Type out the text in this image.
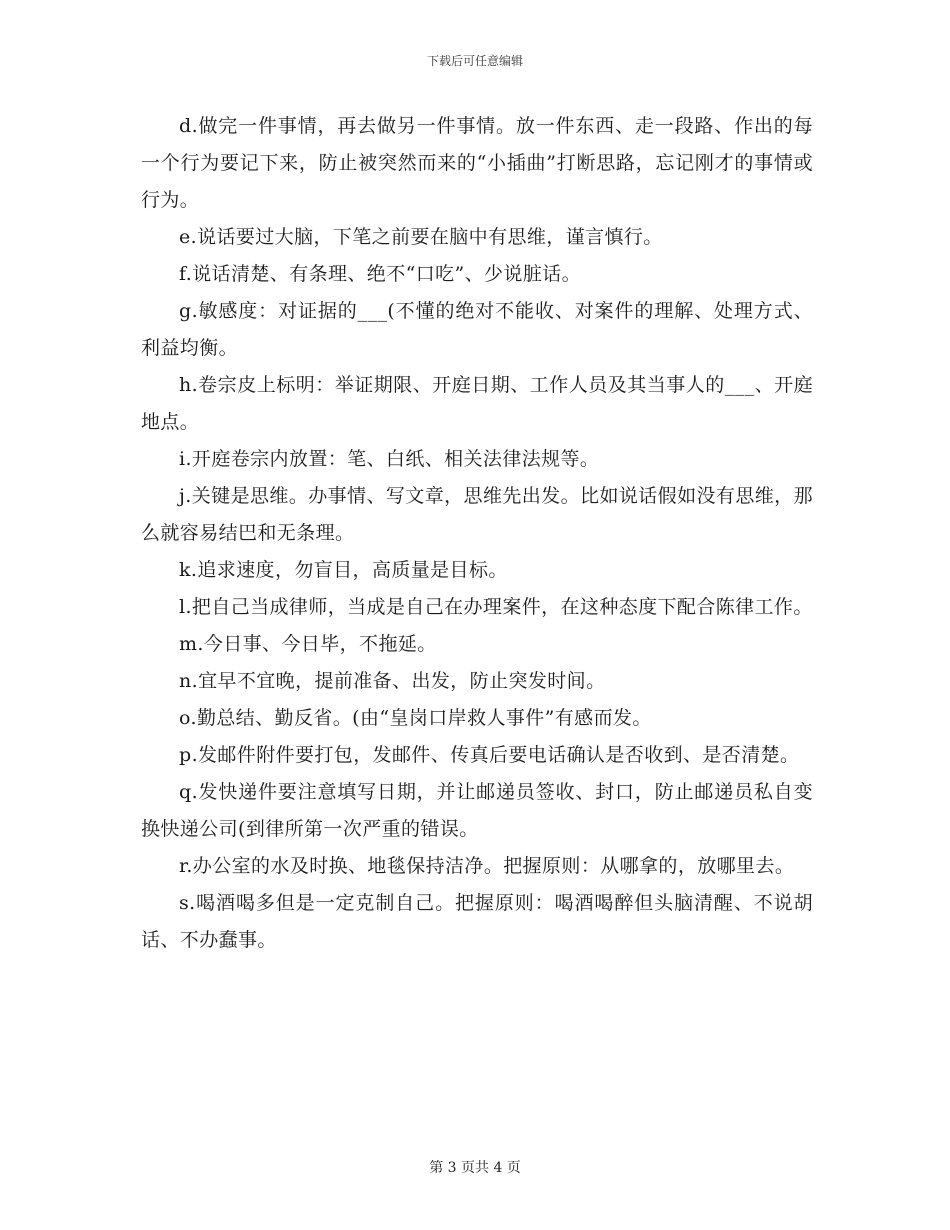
下载后可任意编辑

d.做完一件事情，再去做另一件事情。放一件东西、走一段路、作出的每一个行为要记下来，防止被突然而来的“小插曲”打断思路，忘记刚才的事情或行为。

e.说话要过大脑，下笔之前要在脑中有思维，谨言慎行。

f.说话清楚、有条理、绝不“口吃”、少说脏话。

g.敏感度：对证据的___(不懂的绝对不能收、对案件的理解、处理方式、利益均衡。

h.卷宗皮上标明：举证期限、开庭日期、工作人员及其当事人的___、开庭地点。

i.开庭卷宗内放置：笔、白纸、相关法律法规等。

j.关键是思维。办事情、写文章，思维先出发。比如说话假如没有思维，那么就容易结巴和无条理。

k.追求速度，勿盲目，高质量是目标。

l.把自己当成律师，当成是自己在办理案件，在这种态度下配合陈律工作。

m.今日事、今日毕，不拖延。

n.宜早不宜晚，提前准备、出发，防止突发时间。

o.勤总结、勤反省。(由“皇岗口岸救人事件”有感而发。

p.发邮件附件要打包，发邮件、传真后要电话确认是否收到、是否清楚。

q.发快递件要注意填写日期，并让邮递员签收、封口，防止邮递员私自变换快递公司(到律所第一次严重的错误。

r.办公室的水及时换、地毯保持洁净。把握原则：从哪拿的，放哪里去。

s.喝酒喝多但是一定克制自己。把握原则：喝酒喝醉但头脑清醒、不说胡话、不办蠢事。

第 3 页共 4 页
